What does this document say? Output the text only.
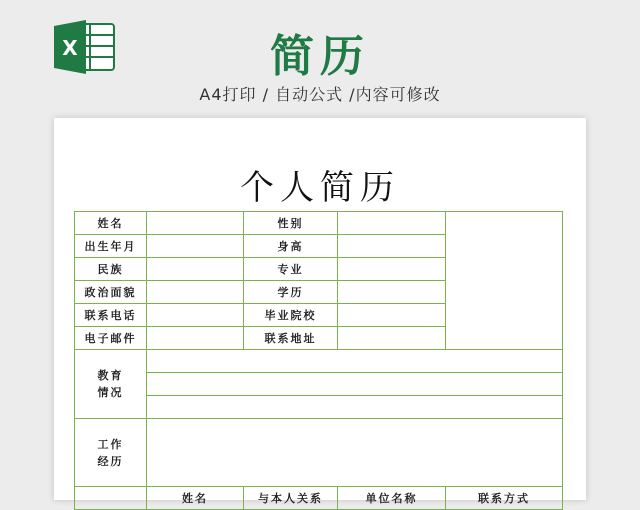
X	简历
A4打印 / 自动公式 /内容可修改
个人简历
姓名		性别		
出生年月		身高		
民族		专业		
政治面貌		学历		
联系电话		毕业院校		
电子邮件		联系地址		
教育
情况				

工作
经历				
	姓名	与本人关系	单位名称	联系方式
